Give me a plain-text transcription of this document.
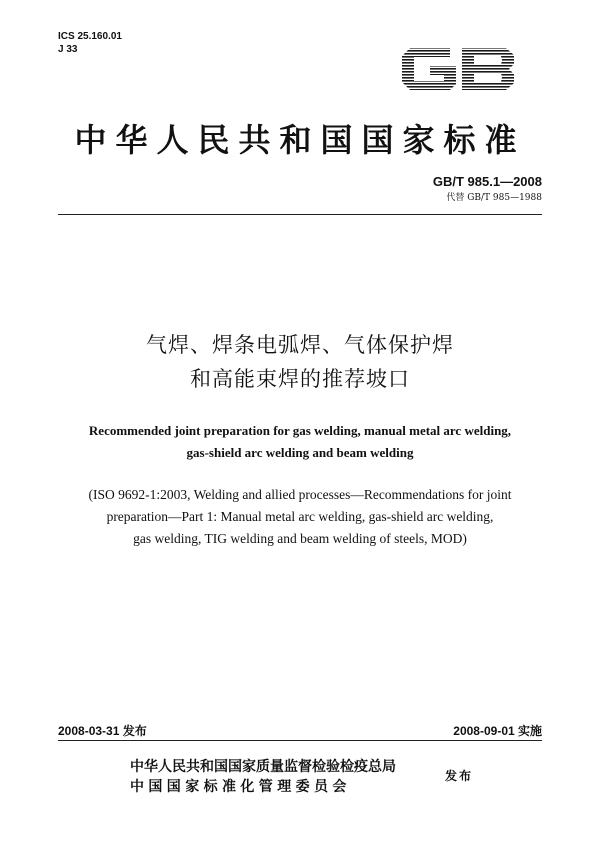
ICS 25.160.01
J 33
中华人民共和国国家标准
GB/T 985.1—2008
代替 GB/T 985—1988
气焊、焊条电弧焊、气体保护焊
和高能束焊的推荐坡口
Recommended joint preparation for gas welding, manual metal arc welding,
gas-shield arc welding and beam welding
(ISO 9692-1:2003, Welding and allied processes—Recommendations for joint
preparation—Part 1: Manual metal arc welding, gas-shield arc welding,
gas welding, TIG welding and beam welding of steels, MOD)
2008-03-31 发布	2008-09-01 实施
中华人民共和国国家质量监督检验检疫总局
中国国家标准化管理委员会
发布
